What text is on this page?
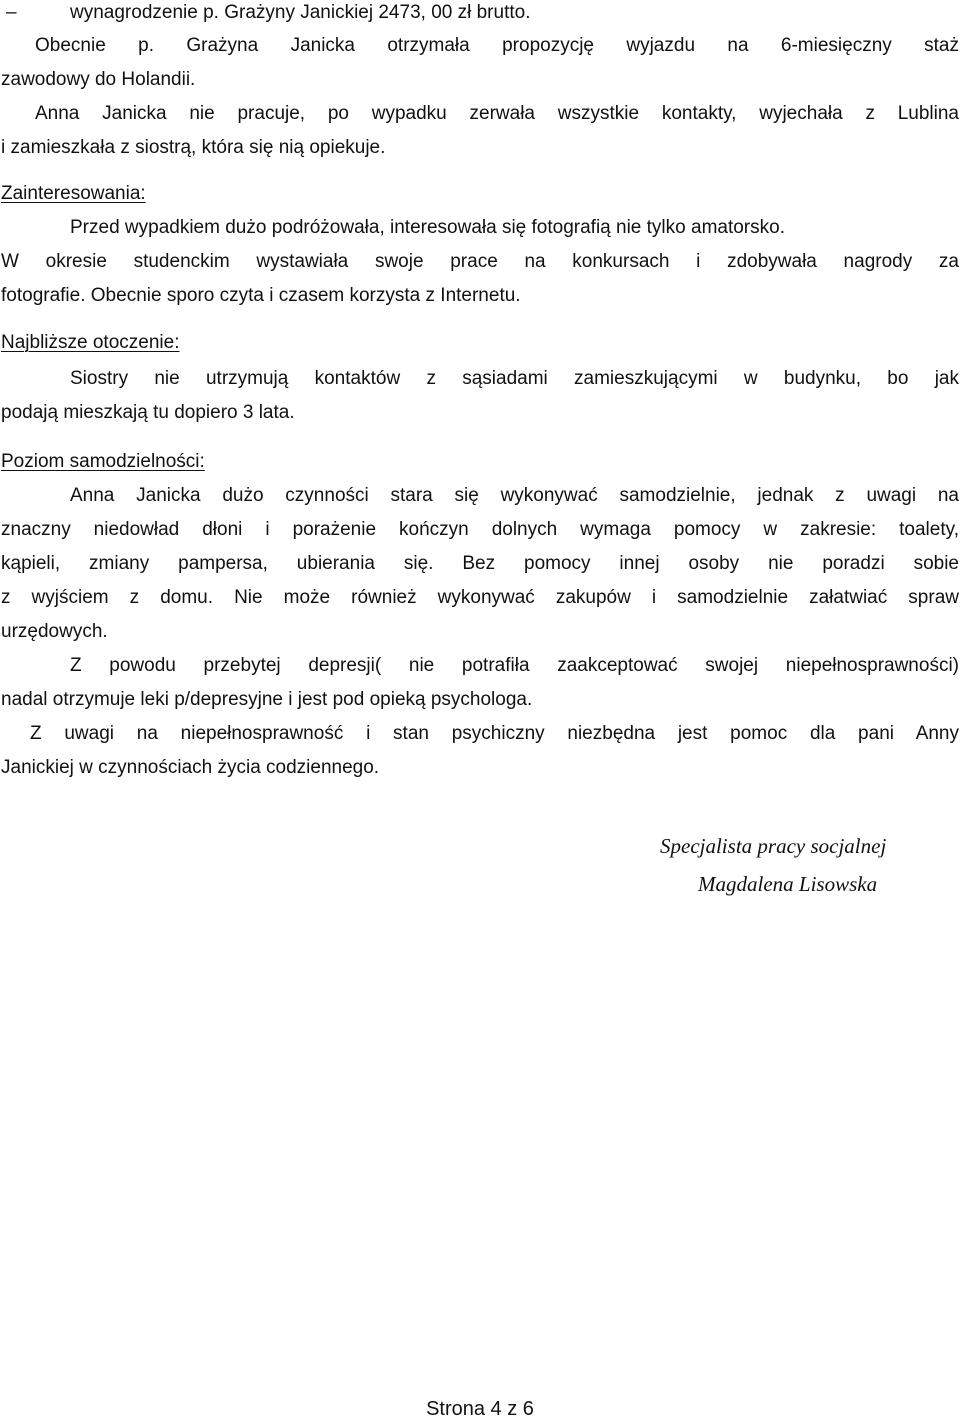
–	wynagrodzenie p. Grażyny Janickiej 2473, 00 zł brutto.
Obecnie p. Grażyna Janicka otrzymała propozycję wyjazdu na 6-miesięczny staż
zawodowy do Holandii.
Anna Janicka nie pracuje, po wypadku zerwała wszystkie kontakty, wyjechała z Lublina
i zamieszkała z siostrą, która się nią opiekuje.
Zainteresowania:
Przed wypadkiem dużo podróżowała, interesowała się fotografią nie tylko amatorsko.
W okresie studenckim wystawiała swoje prace na konkursach i zdobywała nagrody za
fotografie. Obecnie sporo czyta i czasem korzysta z Internetu.
Najbliższe otoczenie:
Siostry nie utrzymują kontaktów z sąsiadami zamieszkującymi w budynku, bo jak
podają mieszkają tu dopiero 3 lata.
Poziom samodzielności:
Anna Janicka dużo czynności stara się wykonywać samodzielnie, jednak z uwagi na
znaczny niedowład dłoni i porażenie kończyn dolnych wymaga pomocy w zakresie: toalety,
kąpieli, zmiany pampersa, ubierania się. Bez pomocy innej osoby nie poradzi sobie
z wyjściem z domu. Nie może również wykonywać zakupów i samodzielnie załatwiać spraw
urzędowych.
Z powodu przebytej depresji( nie potrafiła zaakceptować swojej niepełnosprawności)
nadal otrzymuje leki p/depresyjne i jest pod opieką psychologa.
Z uwagi na niepełnosprawność i stan psychiczny niezbędna jest pomoc dla pani Anny
Janickiej w czynnościach życia codziennego.
Specjalista pracy socjalnej
Magdalena Lisowska
Strona 4 z 6
